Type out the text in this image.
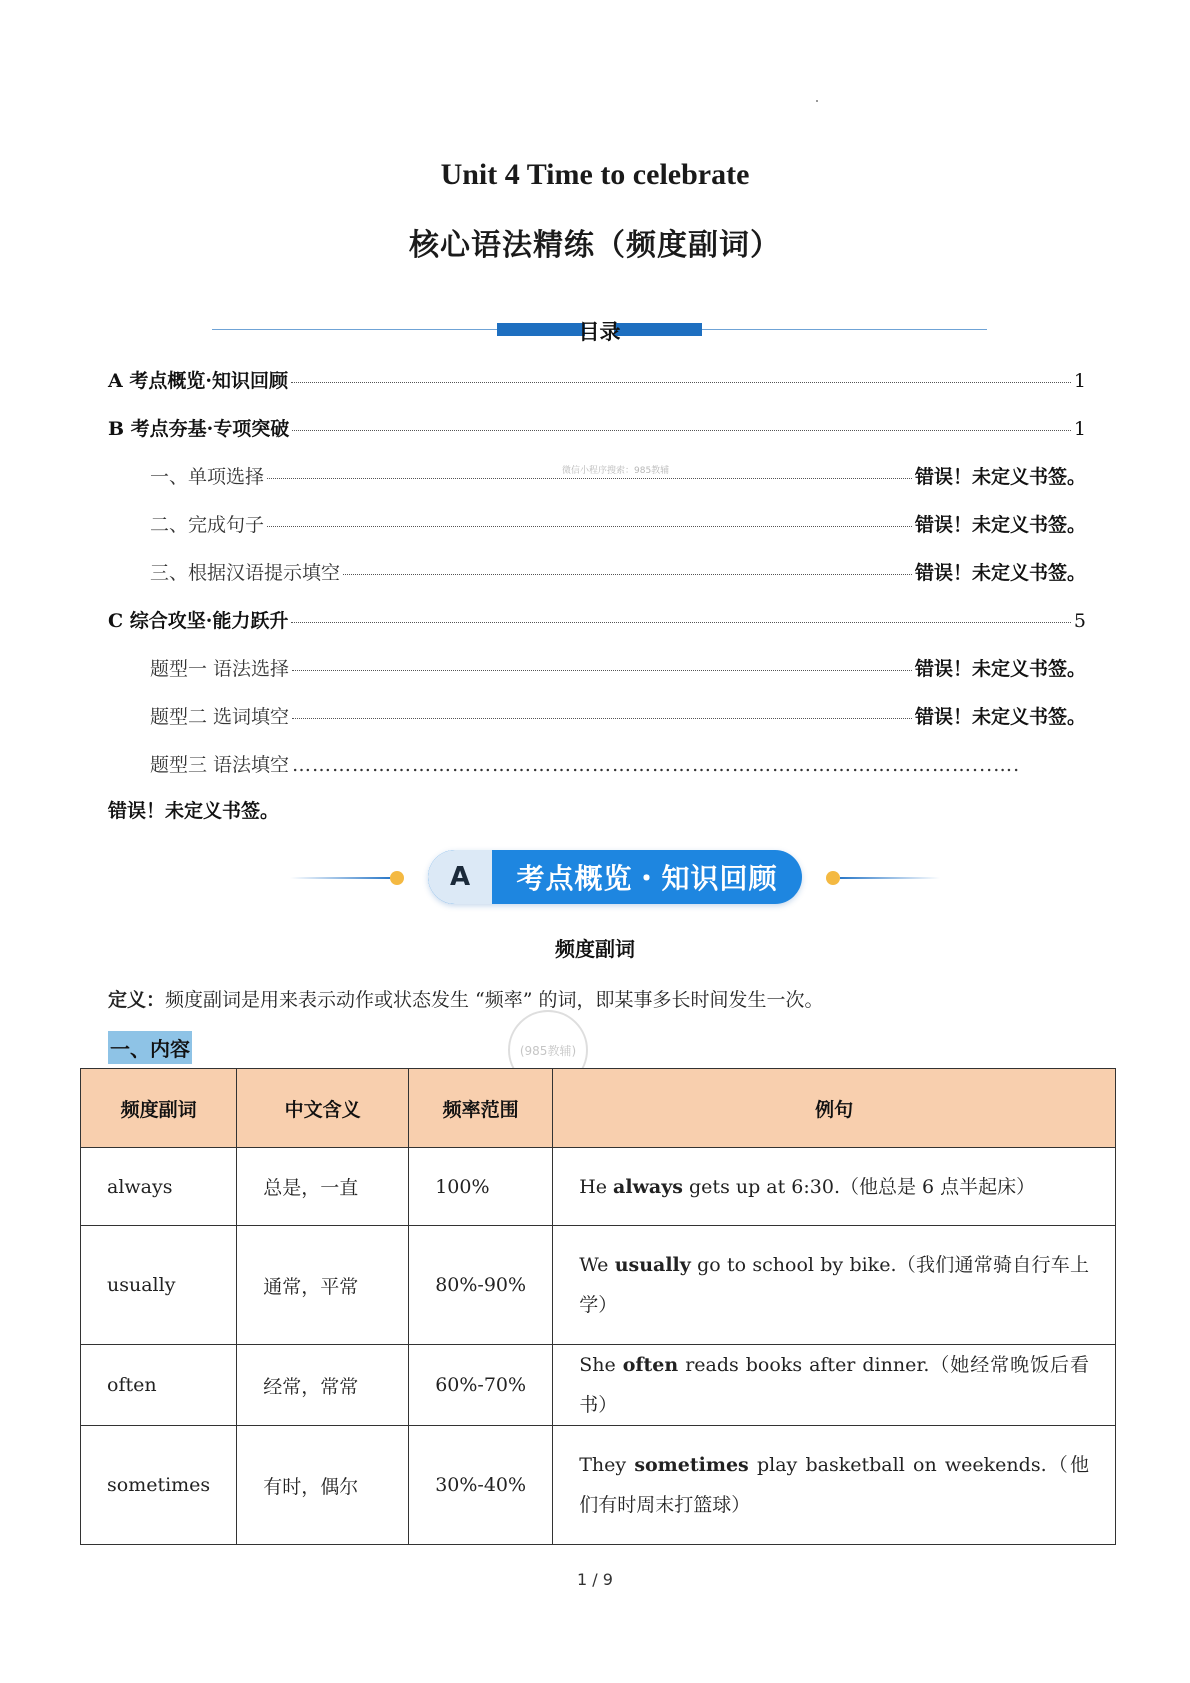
Unit 4 Time to celebrate
核心语法精练（频度副词）
目录
A 考点概览·知识回顾	1
B 考点夯基·专项突破	1
一、单项选择	错误！未定义书签。
二、完成句子	错误！未定义书签。
三、根据汉语提示填空	错误！未定义书签。
C 综合攻坚·能力跃升	5
题型一 语法选择	错误！未定义书签。
题型二 选词填空	错误！未定义书签。
题型三 语法填空 …………………………………………………………………………………………...….
错误！未定义书签。
微信小程序搜索：985教辅
A	考点概览・知识回顾
频度副词
定义：频度副词是用来表示动作或状态发生 “频率” 的词，即某事多长时间发生一次。
(985教辅)
一、内容
频度副词	中文含义	频率范围	例句
always	总是，一直	100%	He always gets up at 6:30.（他总是 6 点半起床）
usually	通常，平常	80%-90%	We usually go to school by bike.（我们通常骑自行车上学）
often	经常，常常	60%-70%	She often reads books after dinner.（她经常晚饭后看书）
sometimes	有时，偶尔	30%-40%	They sometimes play basketball on weekends.（他们有时周末打篮球）
1 / 9
